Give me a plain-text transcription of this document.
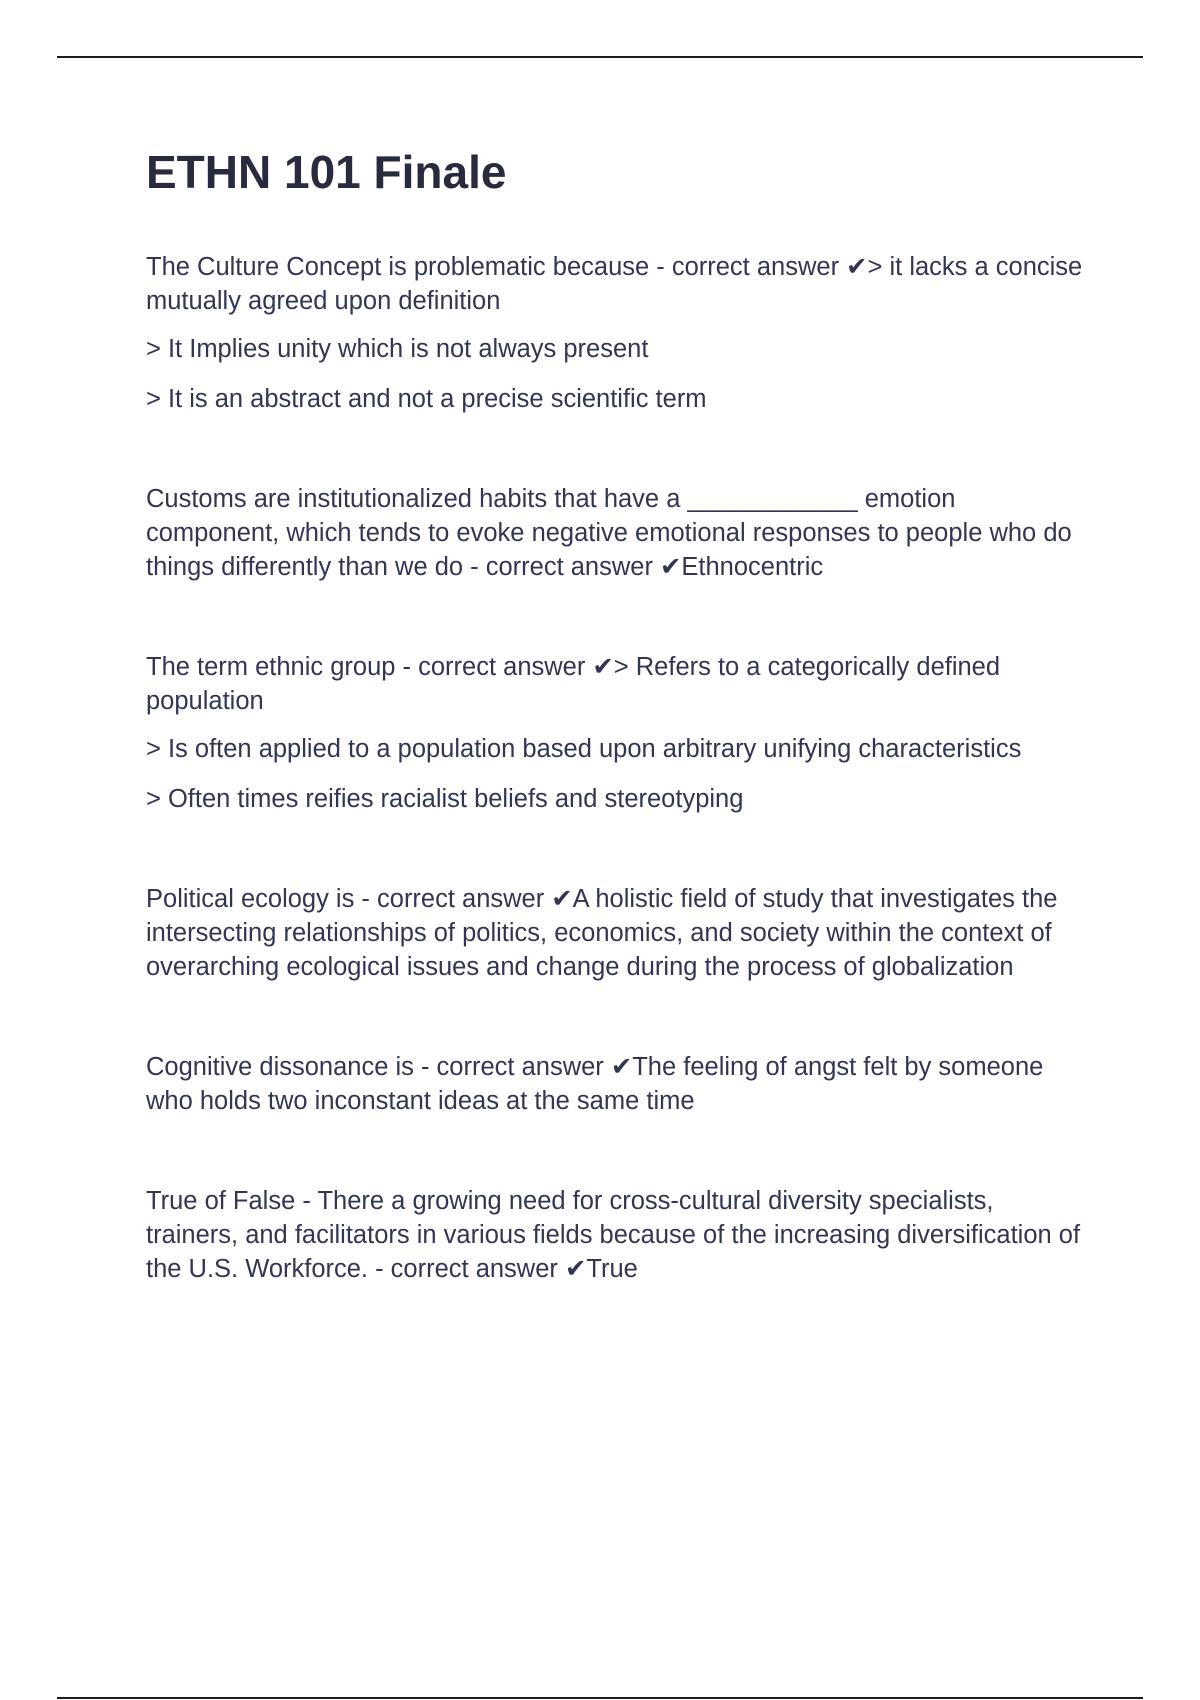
ETHN 101 Finale

The Culture Concept is problematic because - correct answer ✔> it lacks a concise mutually agreed upon definition

> It Implies unity which is not always present

> It is an abstract and not a precise scientific term

Customs are institutionalized habits that have a ____________ emotion component, which tends to evoke negative emotional responses to people who do things differently than we do - correct answer ✔Ethnocentric

The term ethnic group - correct answer ✔> Refers to a categorically defined population

> Is often applied to a population based upon arbitrary unifying characteristics

> Often times reifies racialist beliefs and stereotyping

Political ecology is - correct answer ✔A holistic field of study that investigates the intersecting relationships of politics, economics, and society within the context of overarching ecological issues and change during the process of globalization

Cognitive dissonance is - correct answer ✔The feeling of angst felt by someone who holds two inconstant ideas at the same time

True of False - There a growing need for cross-cultural diversity specialists, trainers, and facilitators in various fields because of the increasing diversification of the U.S. Workforce. - correct answer ✔True
